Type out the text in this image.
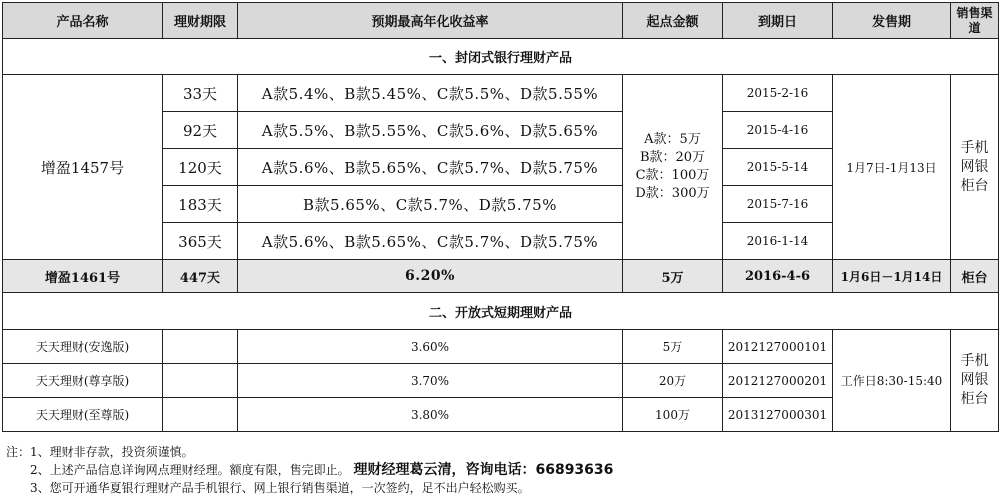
产品名称	理财期限	预期最高年化收益率	起点金额	到期日	发售期	销售渠道
一、封闭式银行理财产品						
增盈1457号	33天	A款5.4%、B款5.45%、C款5.5%、D款5.55%	A款：5万
B款：20万
C款：100万
D款：300万	2015-2-16	1月7日-1月13日	手机
网银
柜台

	92天	A款5.5%、B款5.55%、C款5.6%、D款5.65%		2015-4-16		
	120天	A款5.6%、B款5.65%、C款5.7%、D款5.75%		2015-5-14		
	183天	B款5.65%、C款5.7%、D款5.75%		2015-7-16		
	365天	A款5.6%、B款5.65%、C款5.7%、D款5.75%		2016-1-14		
增盈1461号	447天	6.20%	5万	2016-4-6	1月6日－1月14日	柜台
二、开放式短期理财产品						
天天理财(安逸版)		3.60%	5万	2012127000101	工作日8:30-15:40	手机
网银
柜台

天天理财(尊享版)		3.70%	20万	2012127000201		
天天理财(至尊版)		3.80%	100万	2013127000301		
注：1、理财非存款，投资须谨慎。
2、上述产品信息详询网点理财经理。额度有限，售完即止。 理财经理葛云清，咨询电话：66893636
3、您可开通华夏银行理财产品手机银行、网上银行销售渠道，一次签约，足不出户轻松购买。
